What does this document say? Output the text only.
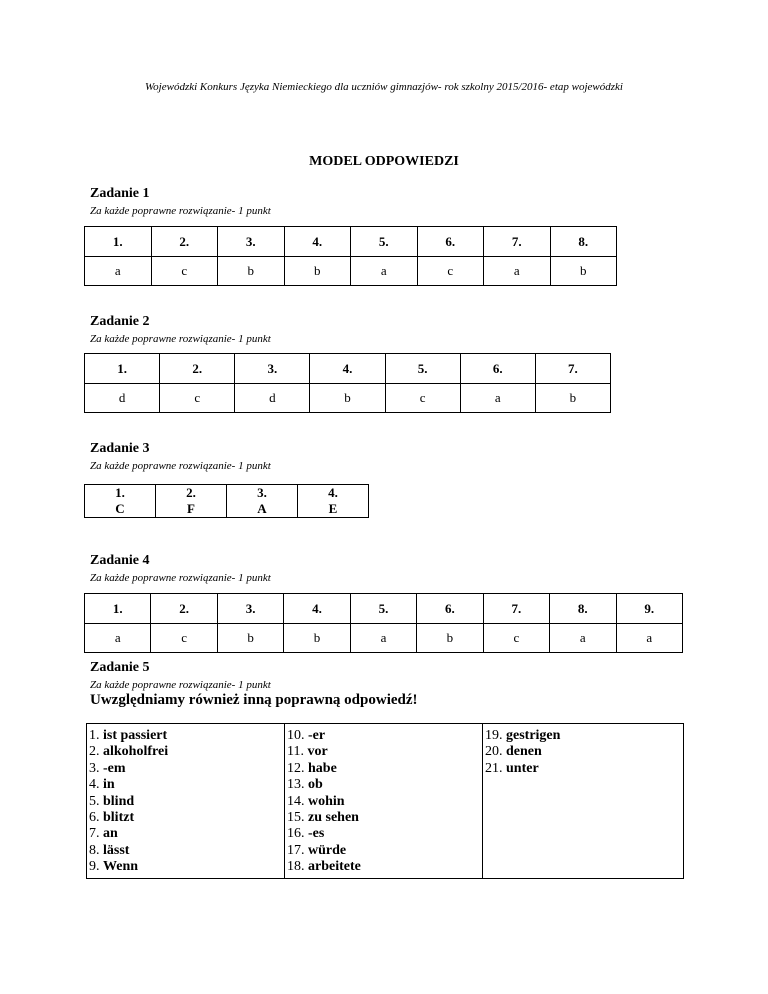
Wojewódzki Konkurs Języka Niemieckiego dla uczniów gimnazjów- rok szkolny 2015/2016- etap wojewódzki
MODEL ODPOWIEDZI
Zadanie 1
Za każde poprawne rozwiązanie- 1 punkt
1.	2.	3.	4.	5.	6.	7.	8.
a	c	b	b	a	c	a	b
Zadanie 2
Za każde poprawne rozwiązanie- 1 punkt
1.	2.	3.	4.	5.	6.	7.
d	c	d	b	c	a	b
Zadanie 3
Za każde poprawne rozwiązanie- 1 punkt
1.	2.	3.	4.
C	F	A	E
Zadanie 4
Za każde poprawne rozwiązanie- 1 punkt
1.	2.	3.	4.	5.	6.	7.	8.	9.
a	c	b	b	a	b	c	a	a
Zadanie 5
Za każde poprawne rozwiązanie- 1 punkt
Uwzględniamy również inną poprawną odpowiedź!
1. ist passiert
2. alkoholfrei
3. -em
4. in
5. blind
6. blitzt
7. an
8. lässt
9. Wenn

10. -er
11. vor
12. habe
13. ob
14. wohin
15. zu sehen
16. -es
17. würde
18. arbeitete

19. gestrigen
20. denen
21. unter
